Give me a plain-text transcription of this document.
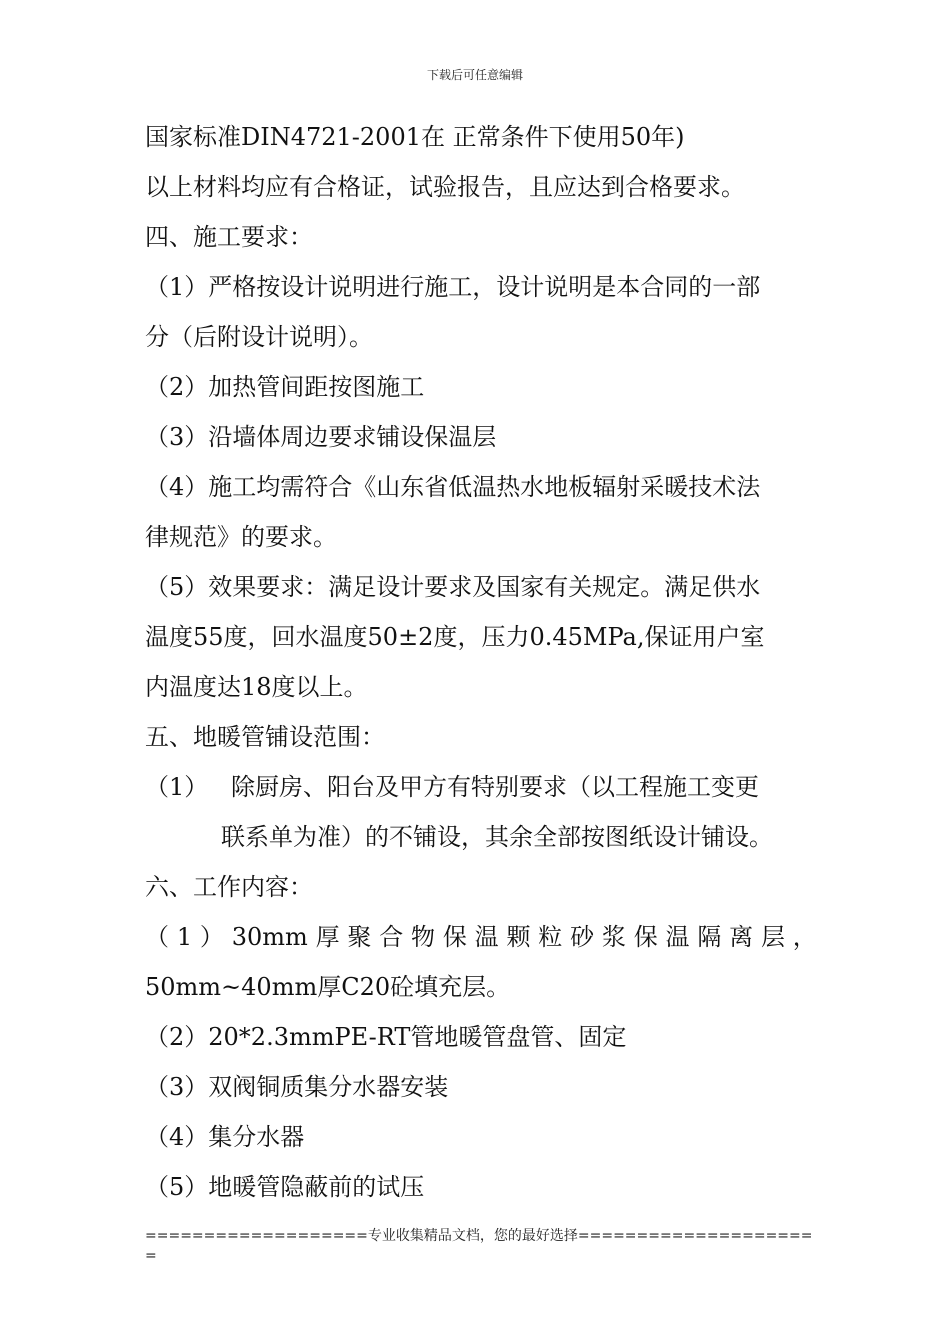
下载后可任意编辑
国家标准DIN4721-2001在 正常条件下使用50年)
以上材料均应有合格证，试验报告，且应达到合格要求。
四、施工要求：
（1）严格按设计说明进行施工，设计说明是本合同的一部
分（后附设计说明）。
（2）加热管间距按图施工
（3）沿墙体周边要求铺设保温层
（4）施工均需符合《山东省低温热水地板辐射采暖技术法
律规范》的要求。
（5）效果要求：满足设计要求及国家有关规定。满足供水
温度55度，回水温度50±2度，压力0.45MPa,保证用户室
内温度达18度以上。
五、地暖管铺设范围：
（1） 除厨房、阳台及甲方有特别要求（以工程施工变更
联系单为准）的不铺设，其余全部按图纸设计铺设。
六、工作内容：
（ 1 ） 30mm 厚 聚 合 物 保 温 颗 粒 砂 浆 保 温 隔 离 层 ，
50mm~40mm厚C20砼填充层。
（2）20*2.3mmPE-RT管地暖管盘管、固定
（3）双阀铜质集分水器安装
（4）集分水器
（5）地暖管隐蔽前的试压
===================专业收集精品文档，您的最好选择=====================
